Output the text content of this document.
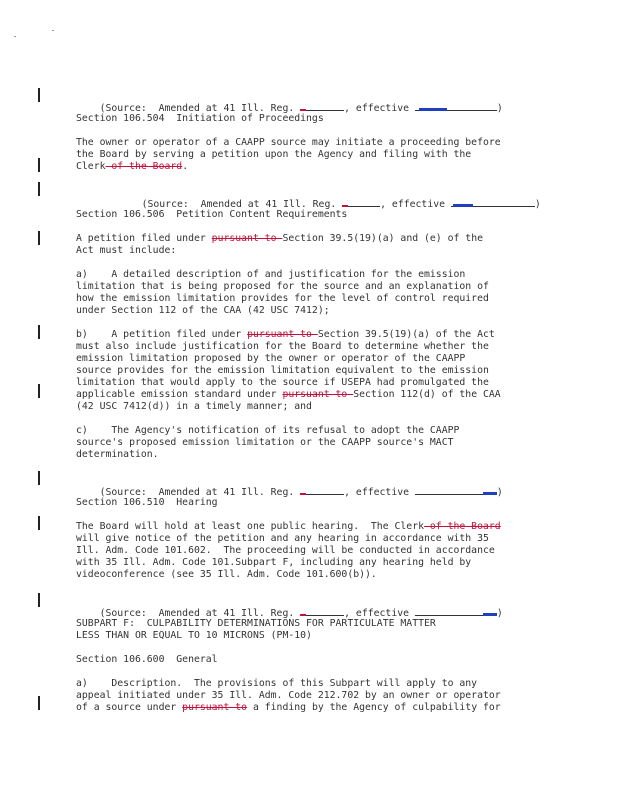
(Source:  Amended at 41 Ill. Reg.	, effective	)

Section 106.504  Initiation of Proceedings
The owner or operator of a CAAPP source may initiate a proceeding before
the Board by serving a petition upon the Agency and filing with the
Clerk of the Board.

(Source:  Amended at 41 Ill. Reg.	, effective	)

Section 106.506  Petition Content Requirements
A petition filed under pursuant to Section 39.5(19)(a) and (e) of the
Act must include:
a)    A detailed description of and justification for the emission
limitation that is being proposed for the source and an explanation of
how the emission limitation provides for the level of control required
under Section 112 of the CAA (42 USC 7412);
b)    A petition filed under pursuant to Section 39.5(19)(a) of the Act
must also include justification for the Board to determine whether the
emission limitation proposed by the owner or operator of the CAAPP
source provides for the emission limitation equivalent to the emission
limitation that would apply to the source if USEPA had promulgated the
applicable emission standard under pursuant to Section 112(d) of the CAA
(42 USC 7412(d)) in a timely manner; and
c)    The Agency's notification of its refusal to adopt the CAAPP
source's proposed emission limitation or the CAAPP source's MACT
determination.

(Source:  Amended at 41 Ill. Reg.	, effective	)

Section 106.510  Hearing
The Board will hold at least one public hearing.  The Clerk of the Board
will give notice of the petition and any hearing in accordance with 35
Ill. Adm. Code 101.602.  The proceeding will be conducted in accordance
with 35 Ill. Adm. Code 101.Subpart F, including any hearing held by
videoconference (see 35 Ill. Adm. Code 101.600(b)).

(Source:  Amended at 41 Ill. Reg.	, effective	)

SUBPART F:  CULPABILITY DETERMINATIONS FOR PARTICULATE MATTER
LESS THAN OR EQUAL TO 10 MICRONS (PM-10)
Section 106.600  General
a)    Description.  The provisions of this Subpart will apply to any
appeal initiated under 35 Ill. Adm. Code 212.702 by an owner or operator
of a source under pursuant to a finding by the Agency of culpability for
